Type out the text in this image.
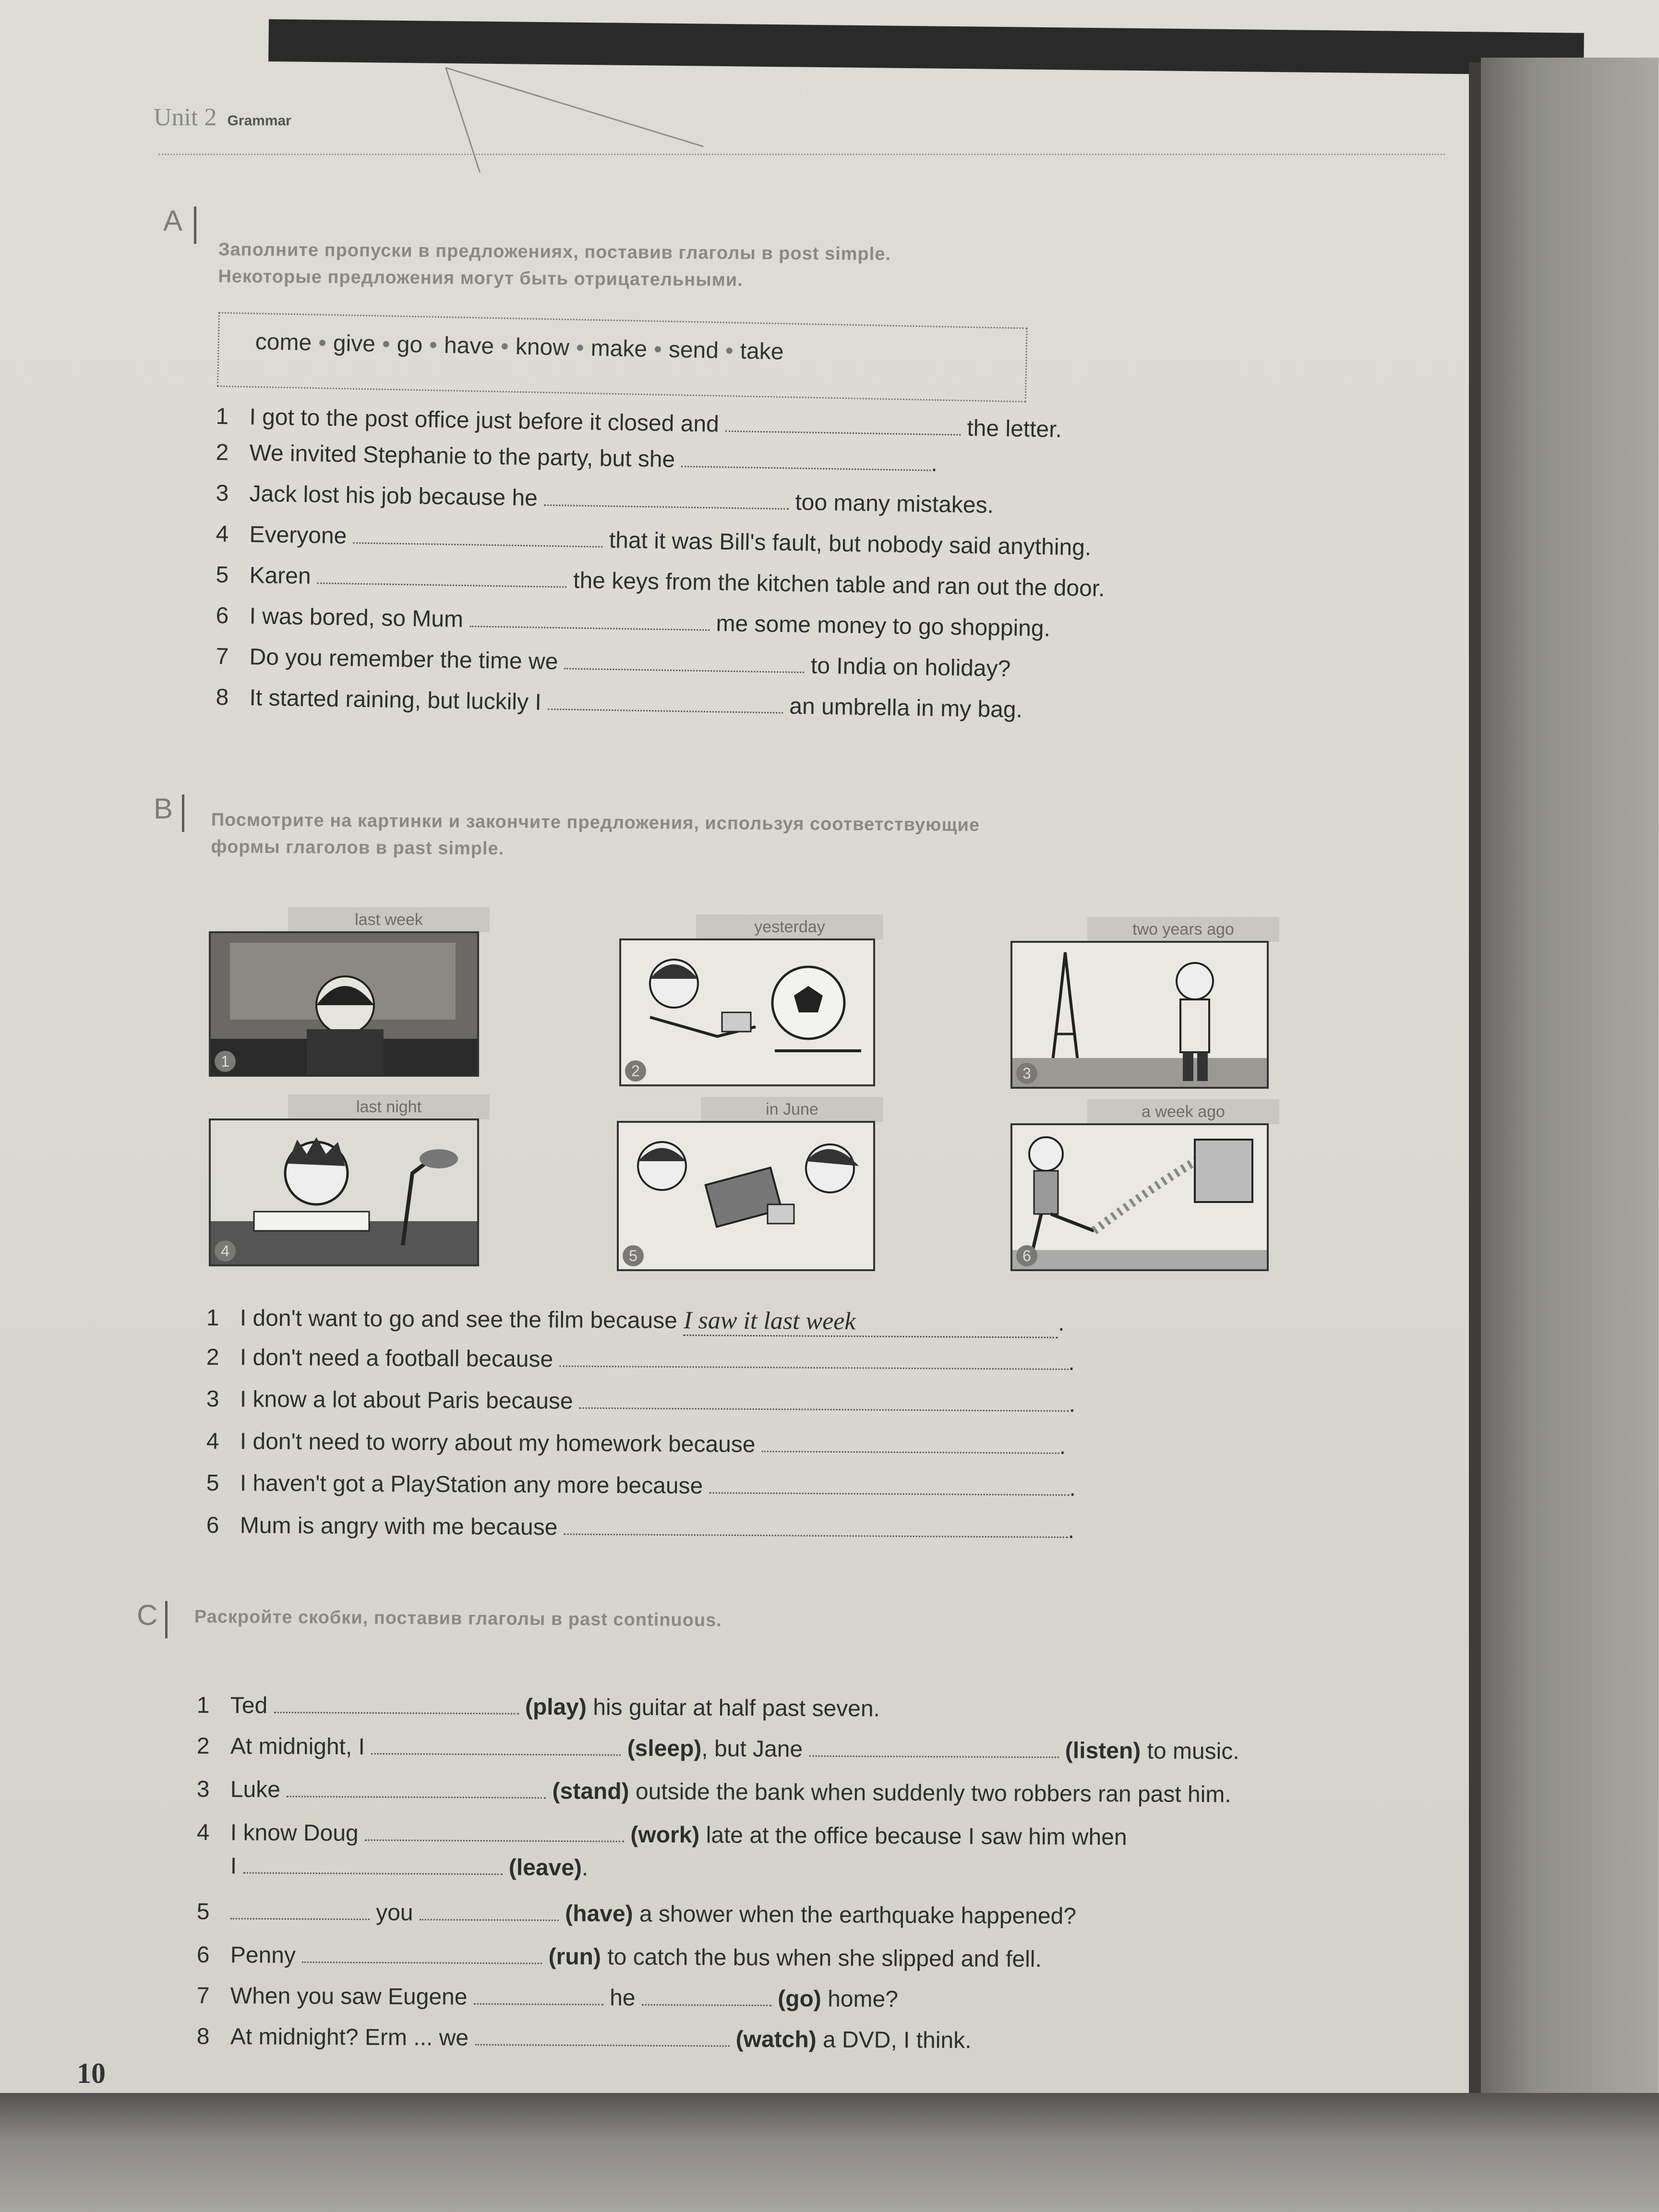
Unit 2 Grammar
A
Заполните пропуски в предложениях, поставив глаголы в post simple.
Некоторые предложения могут быть отрицательными.
come • give • go • have • know • make • send • take
1 I got to the post office just before it closed and	the letter.
2 We invited Stephanie to the party, but she	.
3 Jack lost his job because he	too many mistakes.
4 Everyone	that it was Bill's fault, but nobody said anything.
5 Karen	the keys from the kitchen table and ran out the door.
6 I was bored, so Mum	me some money to go shopping.
7 Do you remember the time we	to India on holiday?
8 It started raining, but luckily I	an umbrella in my bag.
B Посмотрите на картинки и закончите предложения, используя соответствующие
формы глаголов в past simple.
last week
1
yesterday
2
two years ago
3
last night
4
in June
5
a week ago
6
1 I don't want to go and see the film because I saw it last week	.
2 I don't need a football because	.
3 I know a lot about Paris because	.
4 I don't need to worry about my homework because	.
5 I haven't got a PlayStation any more because	.
6 Mum is angry with me because	.
C Раскройте скобки, поставив глаголы в past continuous.
1 Ted	(play) his guitar at half past seven.
2 At midnight, I	(sleep), but Jane	(listen) to music.
3 Luke	(stand) outside the bank when suddenly two robbers ran past him.
4 I know Doug	(work) late at the office because I saw him when
I	(leave).
5	you	(have) a shower when the earthquake happened?
6 Penny	(run) to catch the bus when she slipped and fell.
7 When you saw Eugene	he	(go) home?
8 At midnight? Erm ... we	(watch) a DVD, I think.
10
